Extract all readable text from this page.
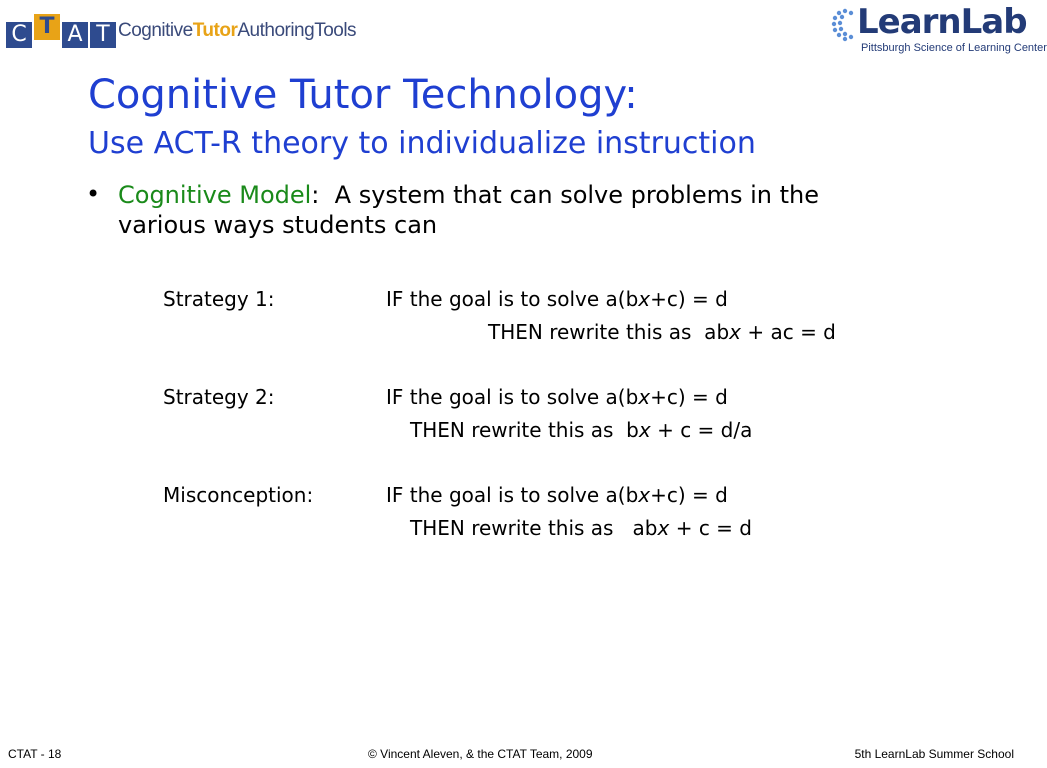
C T A T CognitiveTutorAuthoringTools	LearnLab
Pittsburgh Science of Learning Center
Cognitive Tutor Technology:
Use ACT-R theory to individualize instruction
• Cognitive Model:  A system that can solve problems in the various ways students can
Strategy 1:	IF the goal is to solve a(bx+c) = d
THEN rewrite this as  abx + ac = d
Strategy 2:	IF the goal is to solve a(bx+c) = d
THEN rewrite this as  bx + c = d/a
Misconception:	IF the goal is to solve a(bx+c) = d
THEN rewrite this as   abx + c = d
CTAT - 18	© Vincent Aleven, & the CTAT Team, 2009	5th LearnLab Summer School
